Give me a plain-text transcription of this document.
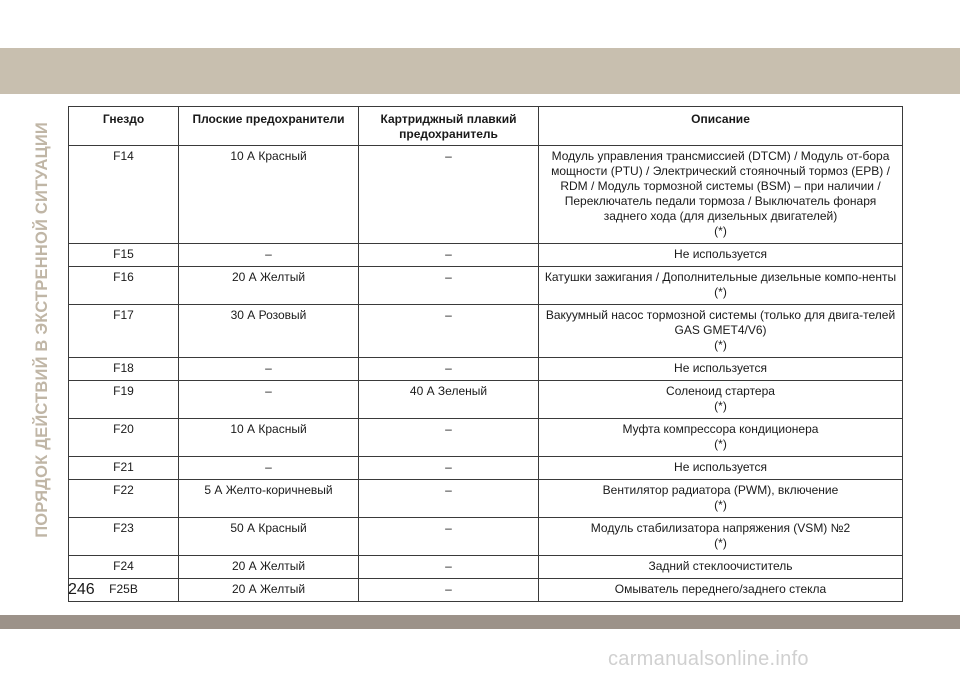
ПОРЯДОК ДЕЙСТВИЙ В ЭКСТРЕННОЙ СИТУАЦИИ
Гнездо	Плоские предохранители	Картриджный плавкий предохранитель	Описание
F14	10 А Красный	–	Модуль управления трансмиссией (DTCM) / Модуль от-бора мощности (PTU) / Электрический стояночный тормоз (EPB) / RDM / Модуль тормозной системы (BSM) – при наличии / Переключатель педали тормоза / Выключатель фонаря заднего хода (для дизельных двигателей)
(*)

F15	–	–	Не используется
F16	20 А Желтый	–	Катушки зажигания / Дополнительные дизельные компо-ненты
(*)

F17	30 А Розовый	–	Вакуумный насос тормозной системы (только для двига-телей GAS GMET4/V6)
(*)

F18	–	–	Не используется
F19	–	40 А Зеленый	Соленоид стартера
(*)

F20	10 А Красный	–	Муфта компрессора кондиционера
(*)

F21	–	–	Не используется
F22	5 А Желто-коричневый	–	Вентилятор радиатора (PWM), включение
(*)

F23	50 А Красный	–	Модуль стабилизатора напряжения (VSM) №2
(*)

F24	20 А Желтый	–	Задний стеклоочиститель
F25B	20 А Желтый	–	Омыватель переднего/заднего стекла
246
carmanualsonline.info
